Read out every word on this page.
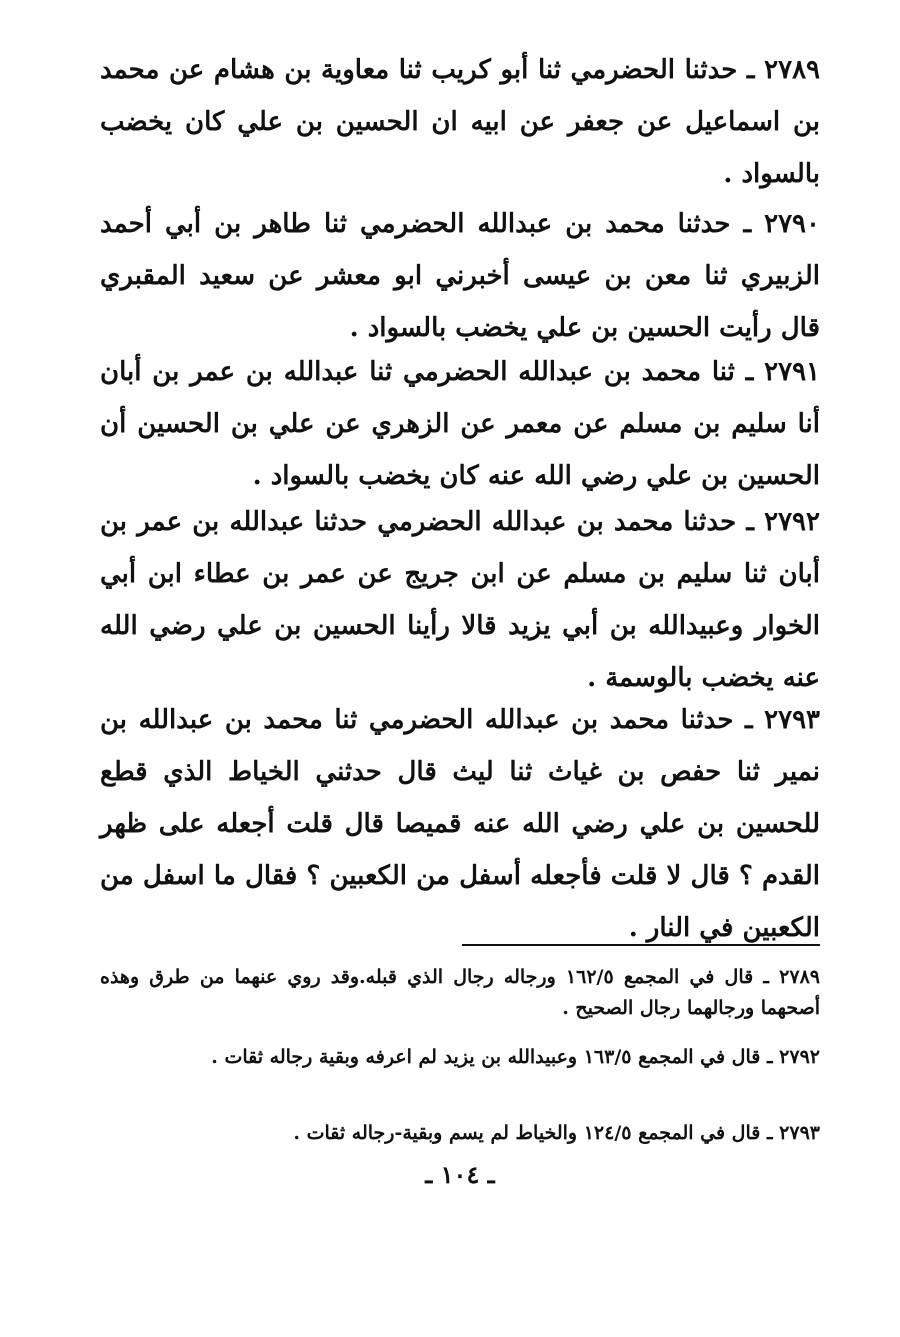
٢٧٨٩ ـ حدثنا الحضرمي ثنا أبو كريب ثنا معاوية بن هشام عن محمد بن اسماعيل عن جعفر عن ابيه ان الحسين بن علي كان يخضب بالسواد .
٢٧٩٠ ـ حدثنا محمد بن عبدالله الحضرمي ثنا طاهر بن أبي أحمد الزبيري ثنا معن بن عيسى أخبرني ابو معشر عن سعيد المقبري قال رأيت الحسين بن علي يخضب بالسواد .
٢٧٩١ ـ ثنا محمد بن عبدالله الحضرمي ثنا عبدالله بن عمر بن أبان أنا سليم بن مسلم عن معمر عن الزهري عن علي بن الحسين أن الحسين بن علي رضي الله عنه كان يخضب بالسواد .
٢٧٩٢ ـ حدثنا محمد بن عبدالله الحضرمي حدثنا عبدالله بن عمر بن أبان ثنا سليم بن مسلم عن ابن جريج عن عمر بن عطاء ابن أبي الخوار وعبيدالله بن أبي يزيد قالا رأينا الحسين بن علي رضي الله عنه يخضب بالوسمة .
٢٧٩٣ ـ حدثنا محمد بن عبدالله الحضرمي ثنا محمد بن عبدالله بن نمير ثنا حفص بن غياث ثنا ليث قال حدثني الخياط الذي قطع للحسين بن علي رضي الله عنه قميصا قال قلت أجعله على ظهر القدم ؟ قال لا قلت فأجعله أسفل من الكعبين ؟ فقال ما اسفل من الكعبين في النار .
٢٧٨٩ ـ قال في المجمع ١٦٢/٥ ورجاله رجال الذي قبله.وقد روي عنهما من طرق وهذه أصحهما ورجالهما رجال الصحيح .
٢٧٩٢ ـ قال في المجمع ١٦٣/٥ وعبيدالله بن يزيد لم اعرفه وبقية رجاله ثقات .
٢٧٩٣ ـ قال في المجمع ١٢٤/٥ والخياط لم يسم وبقية-رجاله ثقات .
ـ ١٠٤ ـ
